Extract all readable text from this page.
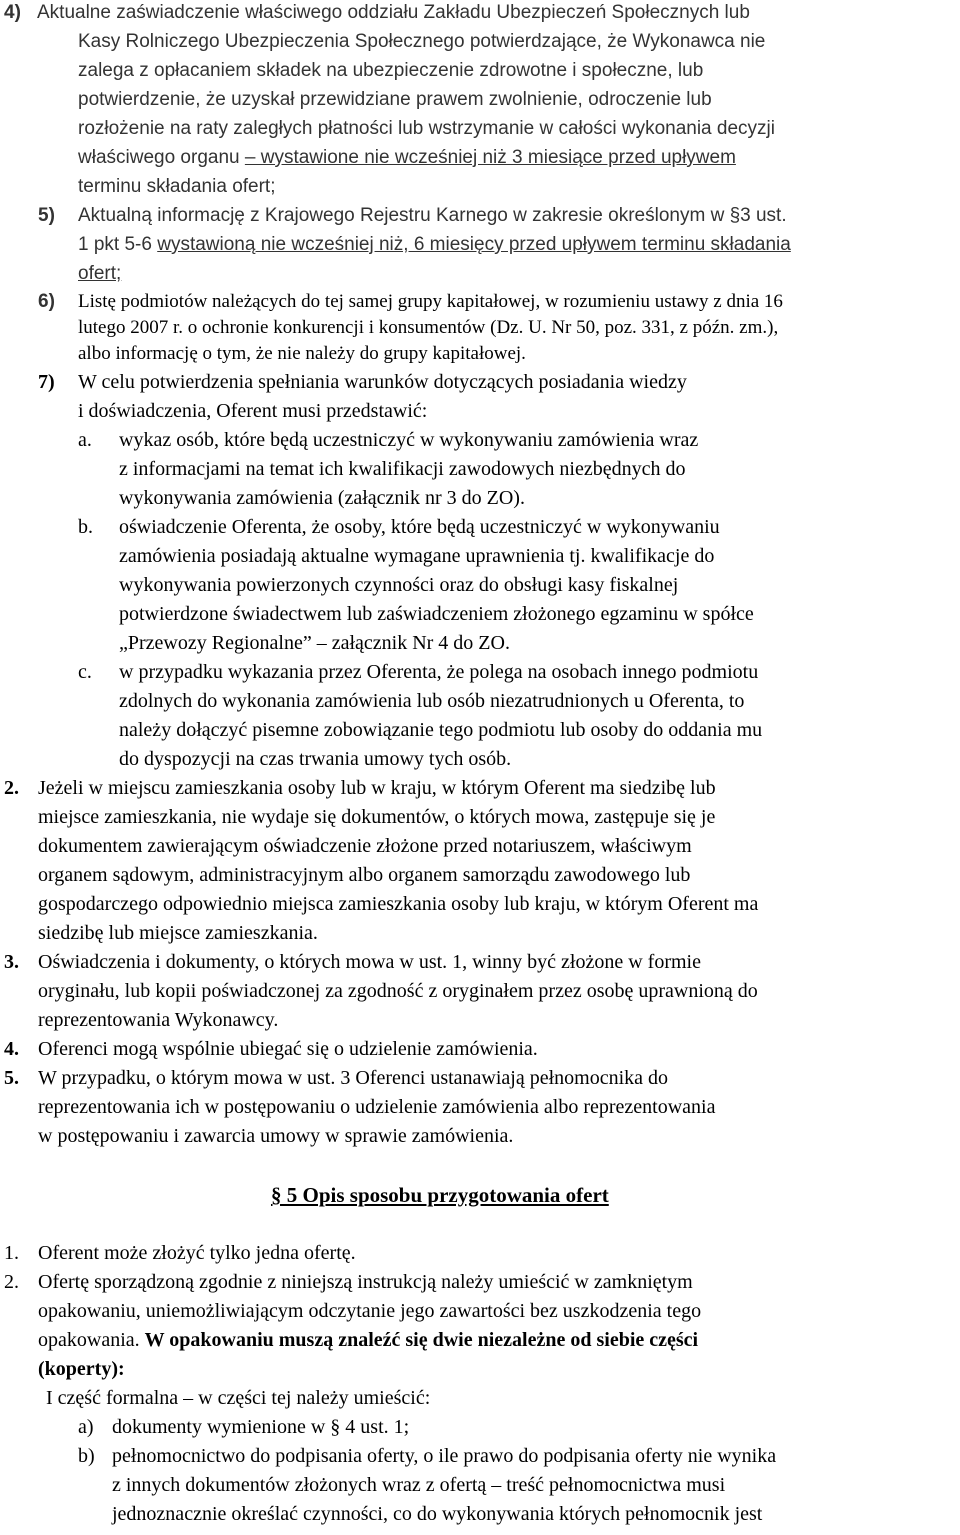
4) Aktualne zaświadczenie właściwego oddziału Zakładu Ubezpieczeń Społecznych lub
Kasy Rolniczego Ubezpieczenia Społecznego potwierdzające, że Wykonawca nie
zalega z opłacaniem składek na ubezpieczenie zdrowotne i społeczne, lub
potwierdzenie, że uzyskał przewidziane prawem zwolnienie, odroczenie lub
rozłożenie na raty zaległych płatności lub wstrzymanie w całości wykonania decyzji
właściwego organu – wystawione nie wcześniej niż 3 miesiące przed upływem
terminu składania ofert;
5) Aktualną informację z Krajowego Rejestru Karnego w zakresie określonym w §3 ust.
1 pkt 5-6 wystawioną nie wcześniej niż, 6 miesięcy przed upływem terminu składania
ofert;
6) Listę podmiotów należących do tej samej grupy kapitałowej, w rozumieniu ustawy z dnia 16
lutego 2007 r. o ochronie konkurencji i konsumentów (Dz. U. Nr 50, poz. 331, z późn. zm.),
albo informację o tym, że nie należy do grupy kapitałowej.
7) W celu potwierdzenia spełniania warunków dotyczących posiadania wiedzy
i doświadczenia, Oferent musi przedstawić:
a. wykaz osób, które będą uczestniczyć w wykonywaniu zamówienia wraz
z informacjami na temat ich kwalifikacji zawodowych niezbędnych do
wykonywania zamówienia (załącznik nr 3 do ZO).
b. oświadczenie Oferenta, że osoby, które będą uczestniczyć w wykonywaniu
zamówienia posiadają aktualne wymagane uprawnienia tj. kwalifikacje do
wykonywania powierzonych czynności oraz do obsługi kasy fiskalnej
potwierdzone świadectwem lub zaświadczeniem złożonego egzaminu w spółce
„Przewozy Regionalne” – załącznik Nr 4 do ZO.
c. w przypadku wykazania przez Oferenta, że polega na osobach innego podmiotu
zdolnych do wykonania zamówienia lub osób niezatrudnionych u Oferenta, to
należy dołączyć pisemne zobowiązanie tego podmiotu lub osoby do oddania mu
do dyspozycji na czas trwania umowy tych osób.
2. Jeżeli w miejscu zamieszkania osoby lub w kraju, w którym Oferent ma siedzibę lub
miejsce zamieszkania, nie wydaje się dokumentów, o których mowa, zastępuje się je
dokumentem zawierającym oświadczenie złożone przed notariuszem, właściwym
organem sądowym, administracyjnym albo organem samorządu zawodowego lub
gospodarczego odpowiednio miejsca zamieszkania osoby lub kraju, w którym Oferent ma
siedzibę lub miejsce zamieszkania.
3. Oświadczenia i dokumenty, o których mowa w ust. 1, winny być złożone w formie
oryginału, lub kopii poświadczonej za zgodność z oryginałem przez osobę uprawnioną do
reprezentowania Wykonawcy.
4. Oferenci mogą wspólnie ubiegać się o udzielenie zamówienia.
5. W przypadku, o którym mowa w ust. 3 Oferenci ustanawiają pełnomocnika do
reprezentowania ich w postępowaniu o udzielenie zamówienia albo reprezentowania
w postępowaniu i zawarcia umowy w sprawie zamówienia.
§ 5 Opis sposobu przygotowania ofert
1. Oferent może złożyć tylko jedna ofertę.
2. Ofertę sporządzoną zgodnie z niniejszą instrukcją należy umieścić w zamkniętym
opakowaniu, uniemożliwiającym odczytanie jego zawartości bez uszkodzenia tego
opakowania. W opakowaniu muszą znaleźć się dwie niezależne od siebie części
(koperty):
I część formalna – w części tej należy umieścić:
a) dokumenty wymienione w § 4 ust. 1;
b) pełnomocnictwo do podpisania oferty, o ile prawo do podpisania oferty nie wynika
z innych dokumentów złożonych wraz z ofertą – treść pełnomocnictwa musi
jednoznacznie określać czynności, co do wykonywania których pełnomocnik jest
